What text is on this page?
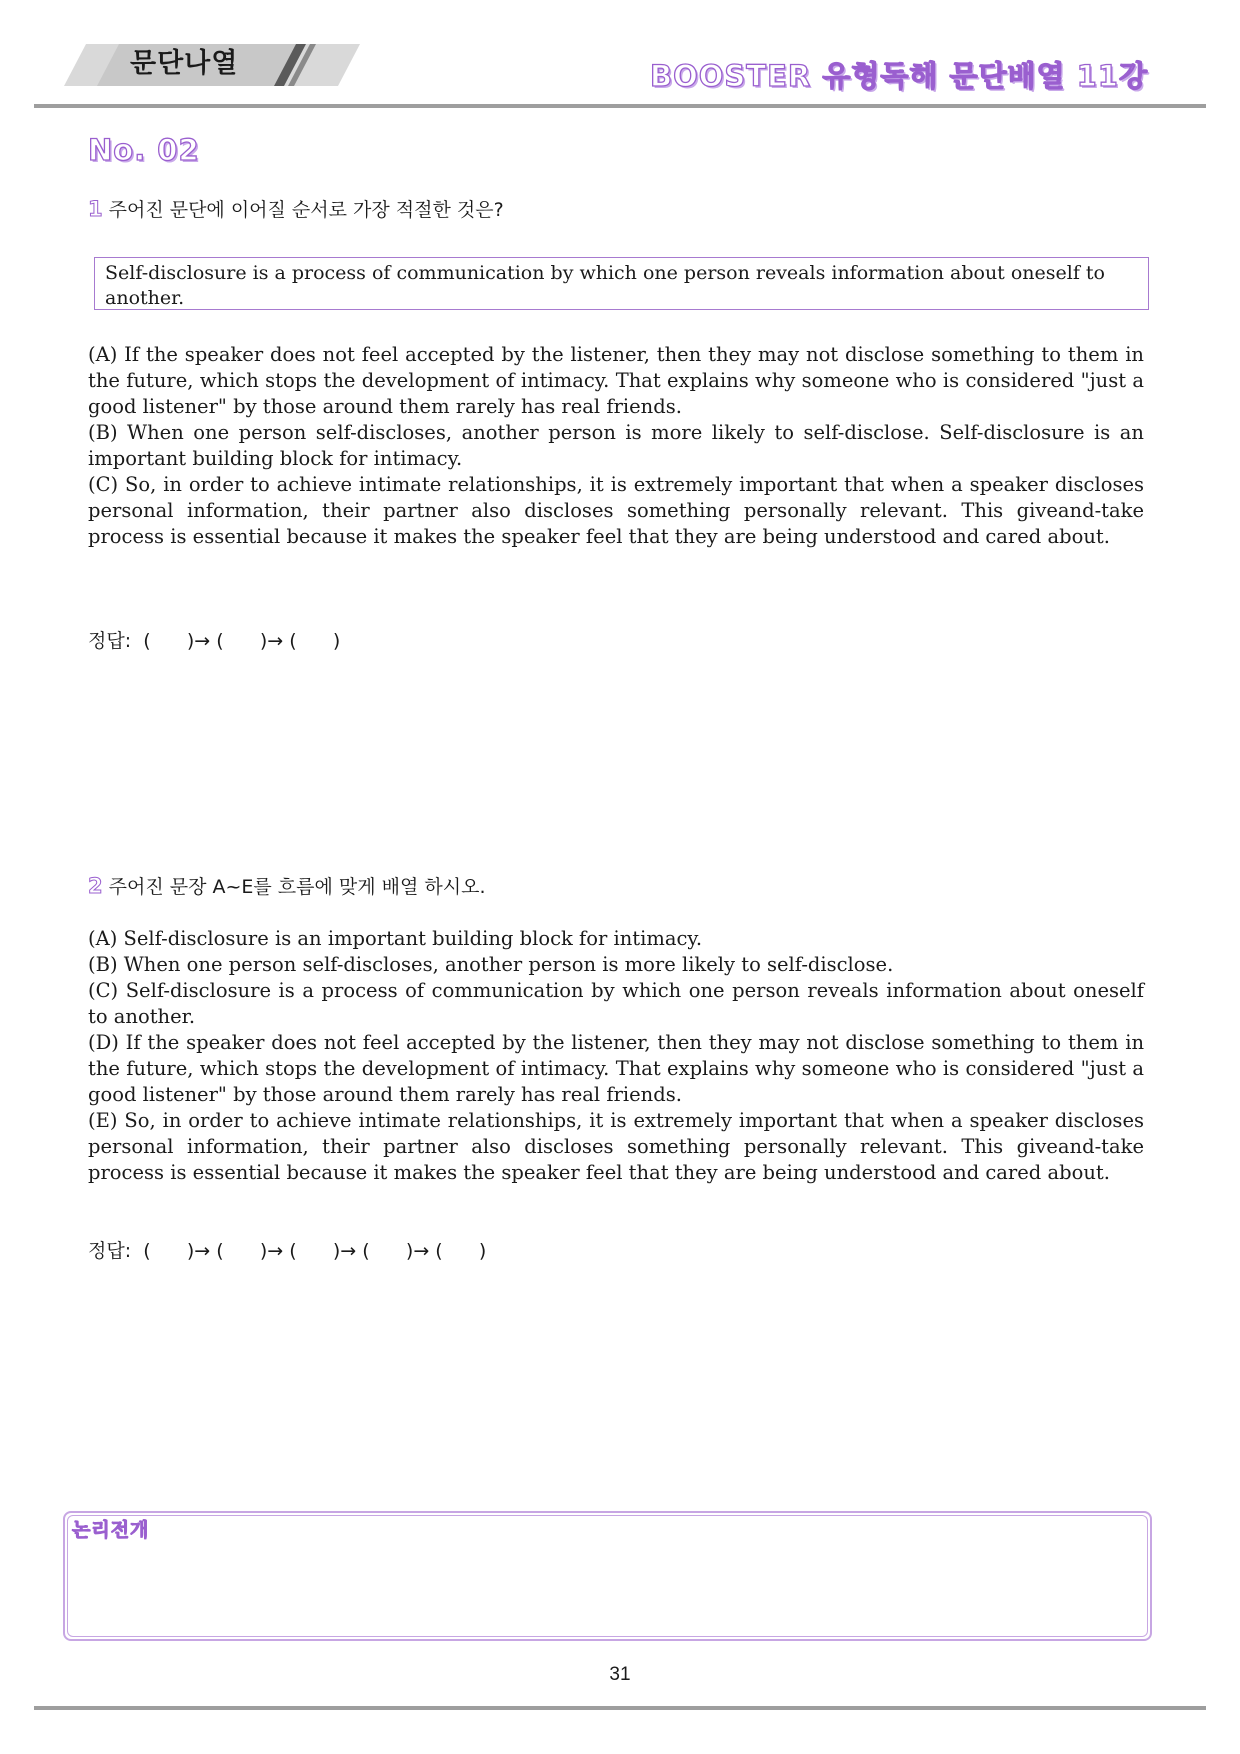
문단나열	BOOSTER 유형독해 문단배열 11강
No. 02
1 주어진 문단에 이어질 순서로 가장 적절한 것은?
Self-disclosure is a process of communication by which one person reveals information about oneself to another.

(A) If the speaker does not feel accepted by the listener, then they may not disclose something to them in the future, which stops the development of intimacy. That explains why someone who is considered "just a good listener" by those around them rarely has real friends.

(B) When one person self-discloses, another person is more likely to self-disclose. Self-disclosure is an important building block for intimacy.

(C) So, in order to achieve intimate relationships, it is extremely important that when a speaker discloses personal information, their partner also discloses something personally relevant. This giveand-take process is essential because it makes the speaker feel that they are being understood and cared about.

정답:  (      )→ (      )→ (      )
2 주어진 문장 A~E를 흐름에 맞게 배열 하시오.

(A) Self-disclosure is an important building block for intimacy.

(B) When one person self-discloses, another person is more likely to self-disclose.

(C) Self-disclosure is a process of communication by which one person reveals information about oneself to another.

(D) If the speaker does not feel accepted by the listener, then they may not disclose something to them in the future, which stops the development of intimacy. That explains why someone who is considered "just a good listener" by those around them rarely has real friends.

(E) So, in order to achieve intimate relationships, it is extremely important that when a speaker discloses personal information, their partner also discloses something personally relevant. This giveand-take process is essential because it makes the speaker feel that they are being understood and cared about.

정답:  (      )→ (      )→ (      )→ (      )→ (      )
논리전개
31
